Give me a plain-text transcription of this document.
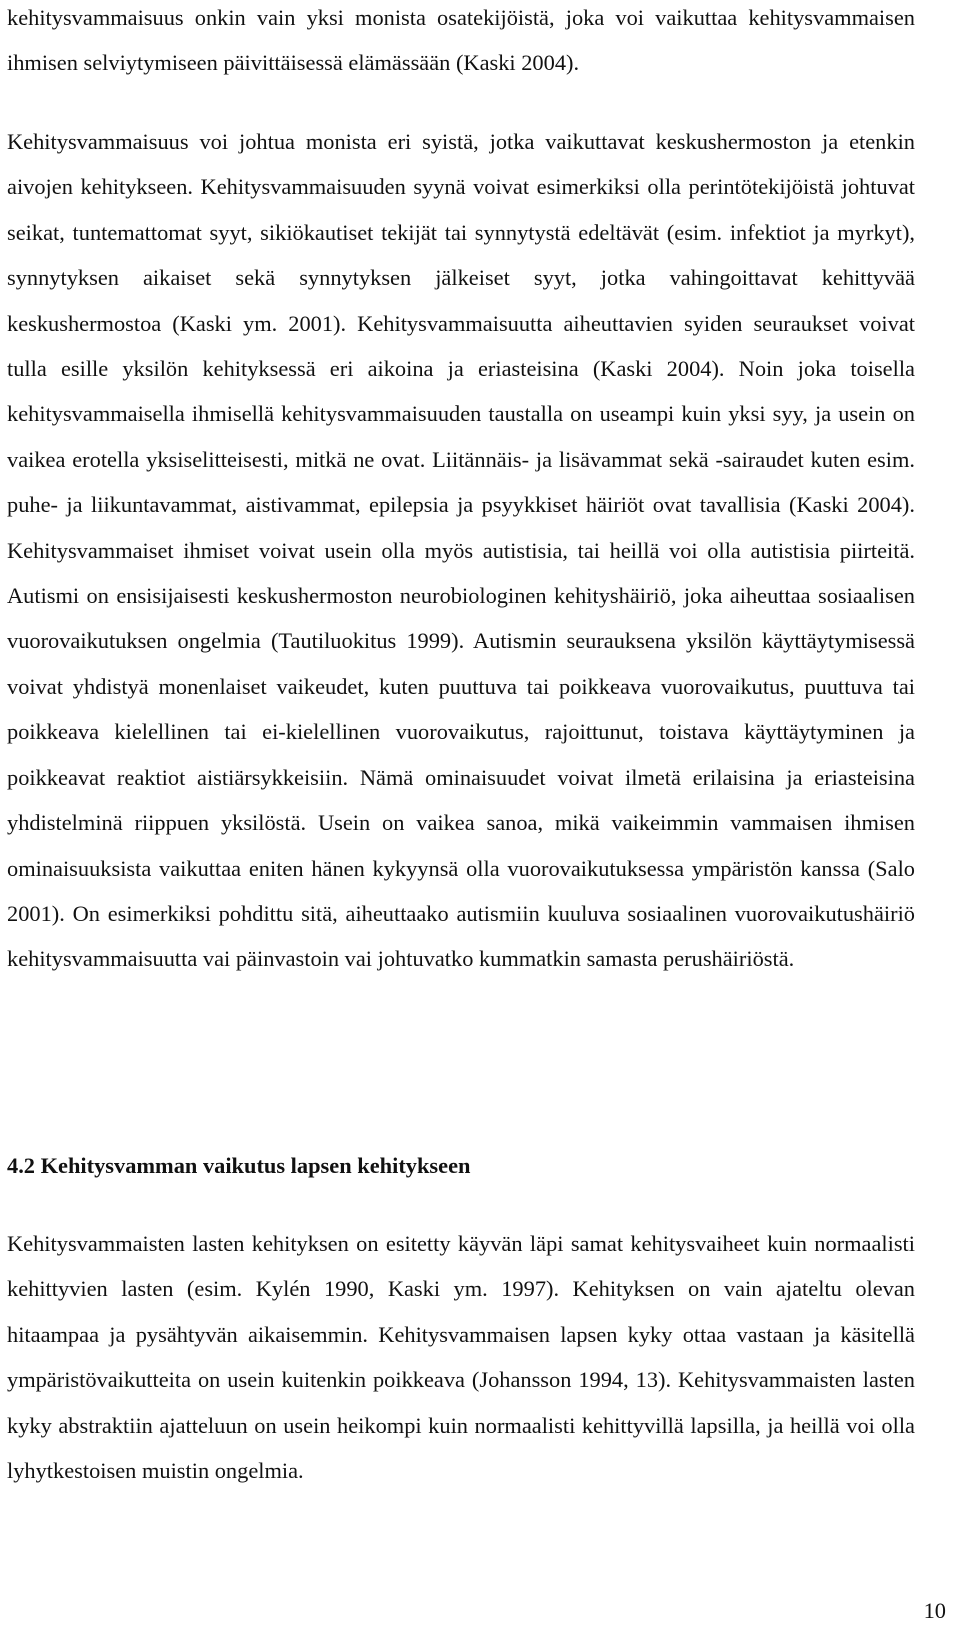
kehitysvammaisuus onkin vain yksi monista osatekijöistä, joka voi vaikuttaa kehitysvammaisen ihmisen selviytymiseen päivittäisessä elämässään (Kaski 2004).

Kehitysvammaisuus voi johtua monista eri syistä, jotka vaikuttavat keskushermoston ja etenkin aivojen kehitykseen. Kehitysvammaisuuden syynä voivat esimerkiksi olla perintötekijöistä johtuvat seikat, tuntemattomat syyt, sikiökautiset tekijät tai synnytystä edeltävät (esim. infektiot ja myrkyt), synnytyksen aikaiset sekä synnytyksen jälkeiset syyt, jotka vahingoittavat kehittyvää keskushermostoa (Kaski ym. 2001). Kehitysvammaisuutta aiheuttavien syiden seuraukset voivat tulla esille yksilön kehityksessä eri aikoina ja eriasteisina (Kaski 2004). Noin joka toisella kehitysvammaisella ihmisellä kehitysvammaisuuden taustalla on useampi kuin yksi syy, ja usein on vaikea erotella yksiselitteisesti, mitkä ne ovat. Liitännäis- ja lisävammat sekä -sairaudet kuten esim. puhe- ja liikuntavammat, aistivammat, epilepsia ja psyykkiset häiriöt ovat tavallisia (Kaski 2004). Kehitysvammaiset ihmiset voivat usein olla myös autistisia, tai heillä voi olla autistisia piirteitä. Autismi on ensisijaisesti keskushermoston neurobiologinen kehityshäiriö, joka aiheuttaa sosiaalisen vuorovaikutuksen ongelmia (Tautiluokitus 1999). Autismin seurauksena yksilön käyttäytymisessä voivat yhdistyä monenlaiset vaikeudet, kuten puuttuva tai poikkeava vuorovaikutus, puuttuva tai poikkeava kielellinen tai ei-kielellinen vuorovaikutus, rajoittunut, toistava käyttäytyminen ja poikkeavat reaktiot aistiärsykkeisiin. Nämä ominaisuudet voivat ilmetä erilaisina ja eriasteisina yhdistelminä riippuen yksilöstä. Usein on vaikea sanoa, mikä vaikeimmin vammaisen ihmisen ominaisuuksista vaikuttaa eniten hänen kykyynsä olla vuorovaikutuksessa ympäristön kanssa (Salo 2001). On esimerkiksi pohdittu sitä, aiheuttaako autismiin kuuluva sosiaalinen vuorovaikutushäiriö kehitysvammaisuutta vai päinvastoin vai johtuvatko kummatkin samasta perushäiriöstä.

4.2 Kehitysvamman vaikutus lapsen kehitykseen

Kehitysvammaisten lasten kehityksen on esitetty käyvän läpi samat kehitysvaiheet kuin normaalisti kehittyvien lasten (esim. Kylén 1990, Kaski ym. 1997). Kehityksen on vain ajateltu olevan hitaampaa ja pysähtyvän aikaisemmin. Kehitysvammaisen lapsen kyky ottaa vastaan ja käsitellä ympäristövaikutteita on usein kuitenkin poikkeava (Johansson 1994, 13). Kehitysvammaisten lasten kyky abstraktiin ajatteluun on usein heikompi kuin normaalisti kehittyvillä lapsilla, ja heillä voi olla lyhytkestoisen muistin ongelmia.

10
